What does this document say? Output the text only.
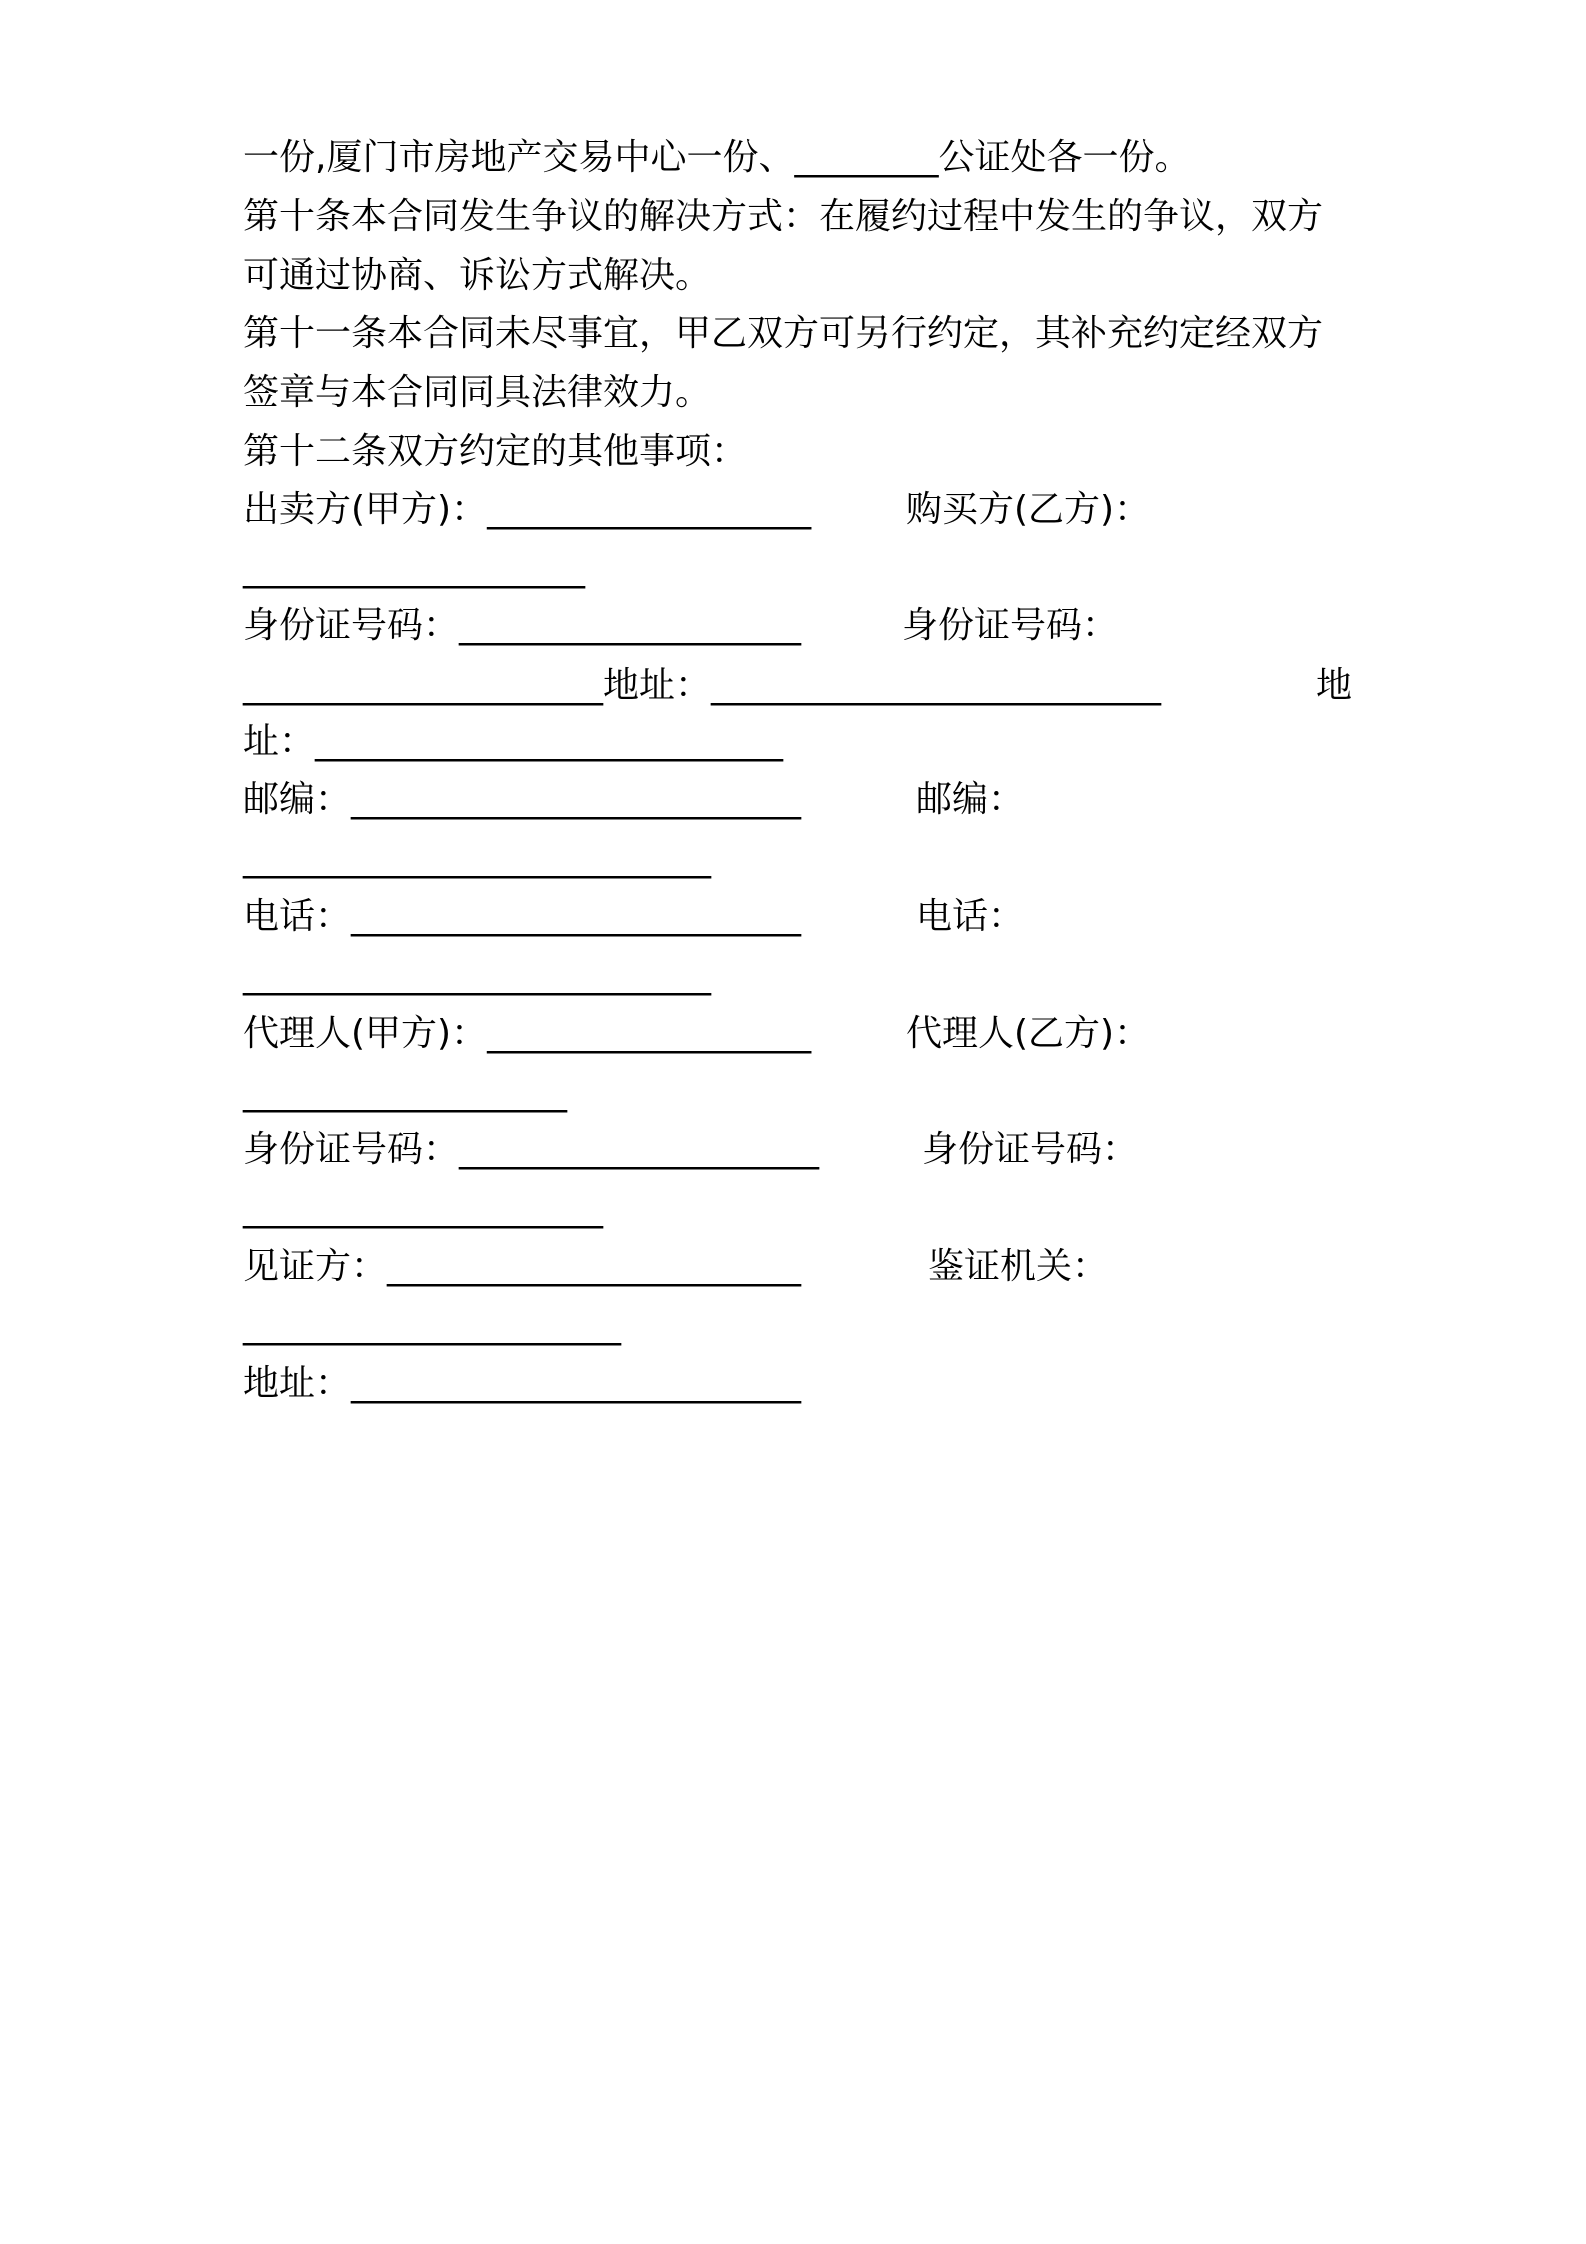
一份,厦门市房地产交易中心一份、________公证处各一份。
第十条本合同发生争议的解决方式：在履约过程中发生的争议，双方
可通过协商、诉讼方式解决。
第十一条本合同未尽事宜，甲乙双方可另行约定，其补充约定经双方
签章与本合同同具法律效力。
第十二条双方约定的其他事项：
出卖方(甲方)：__________________	购买方(乙方)：
___________________
身份证号码：___________________	身份证号码：
____________________地址：_________________________	地
址：__________________________
邮编：_________________________	邮编：
__________________________
电话：_________________________	电话：
__________________________
代理人(甲方)：__________________	代理人(乙方)：
__________________
身份证号码：____________________	身份证号码：
____________________
见证方：_______________________	鉴证机关：
_____________________
地址：_________________________
